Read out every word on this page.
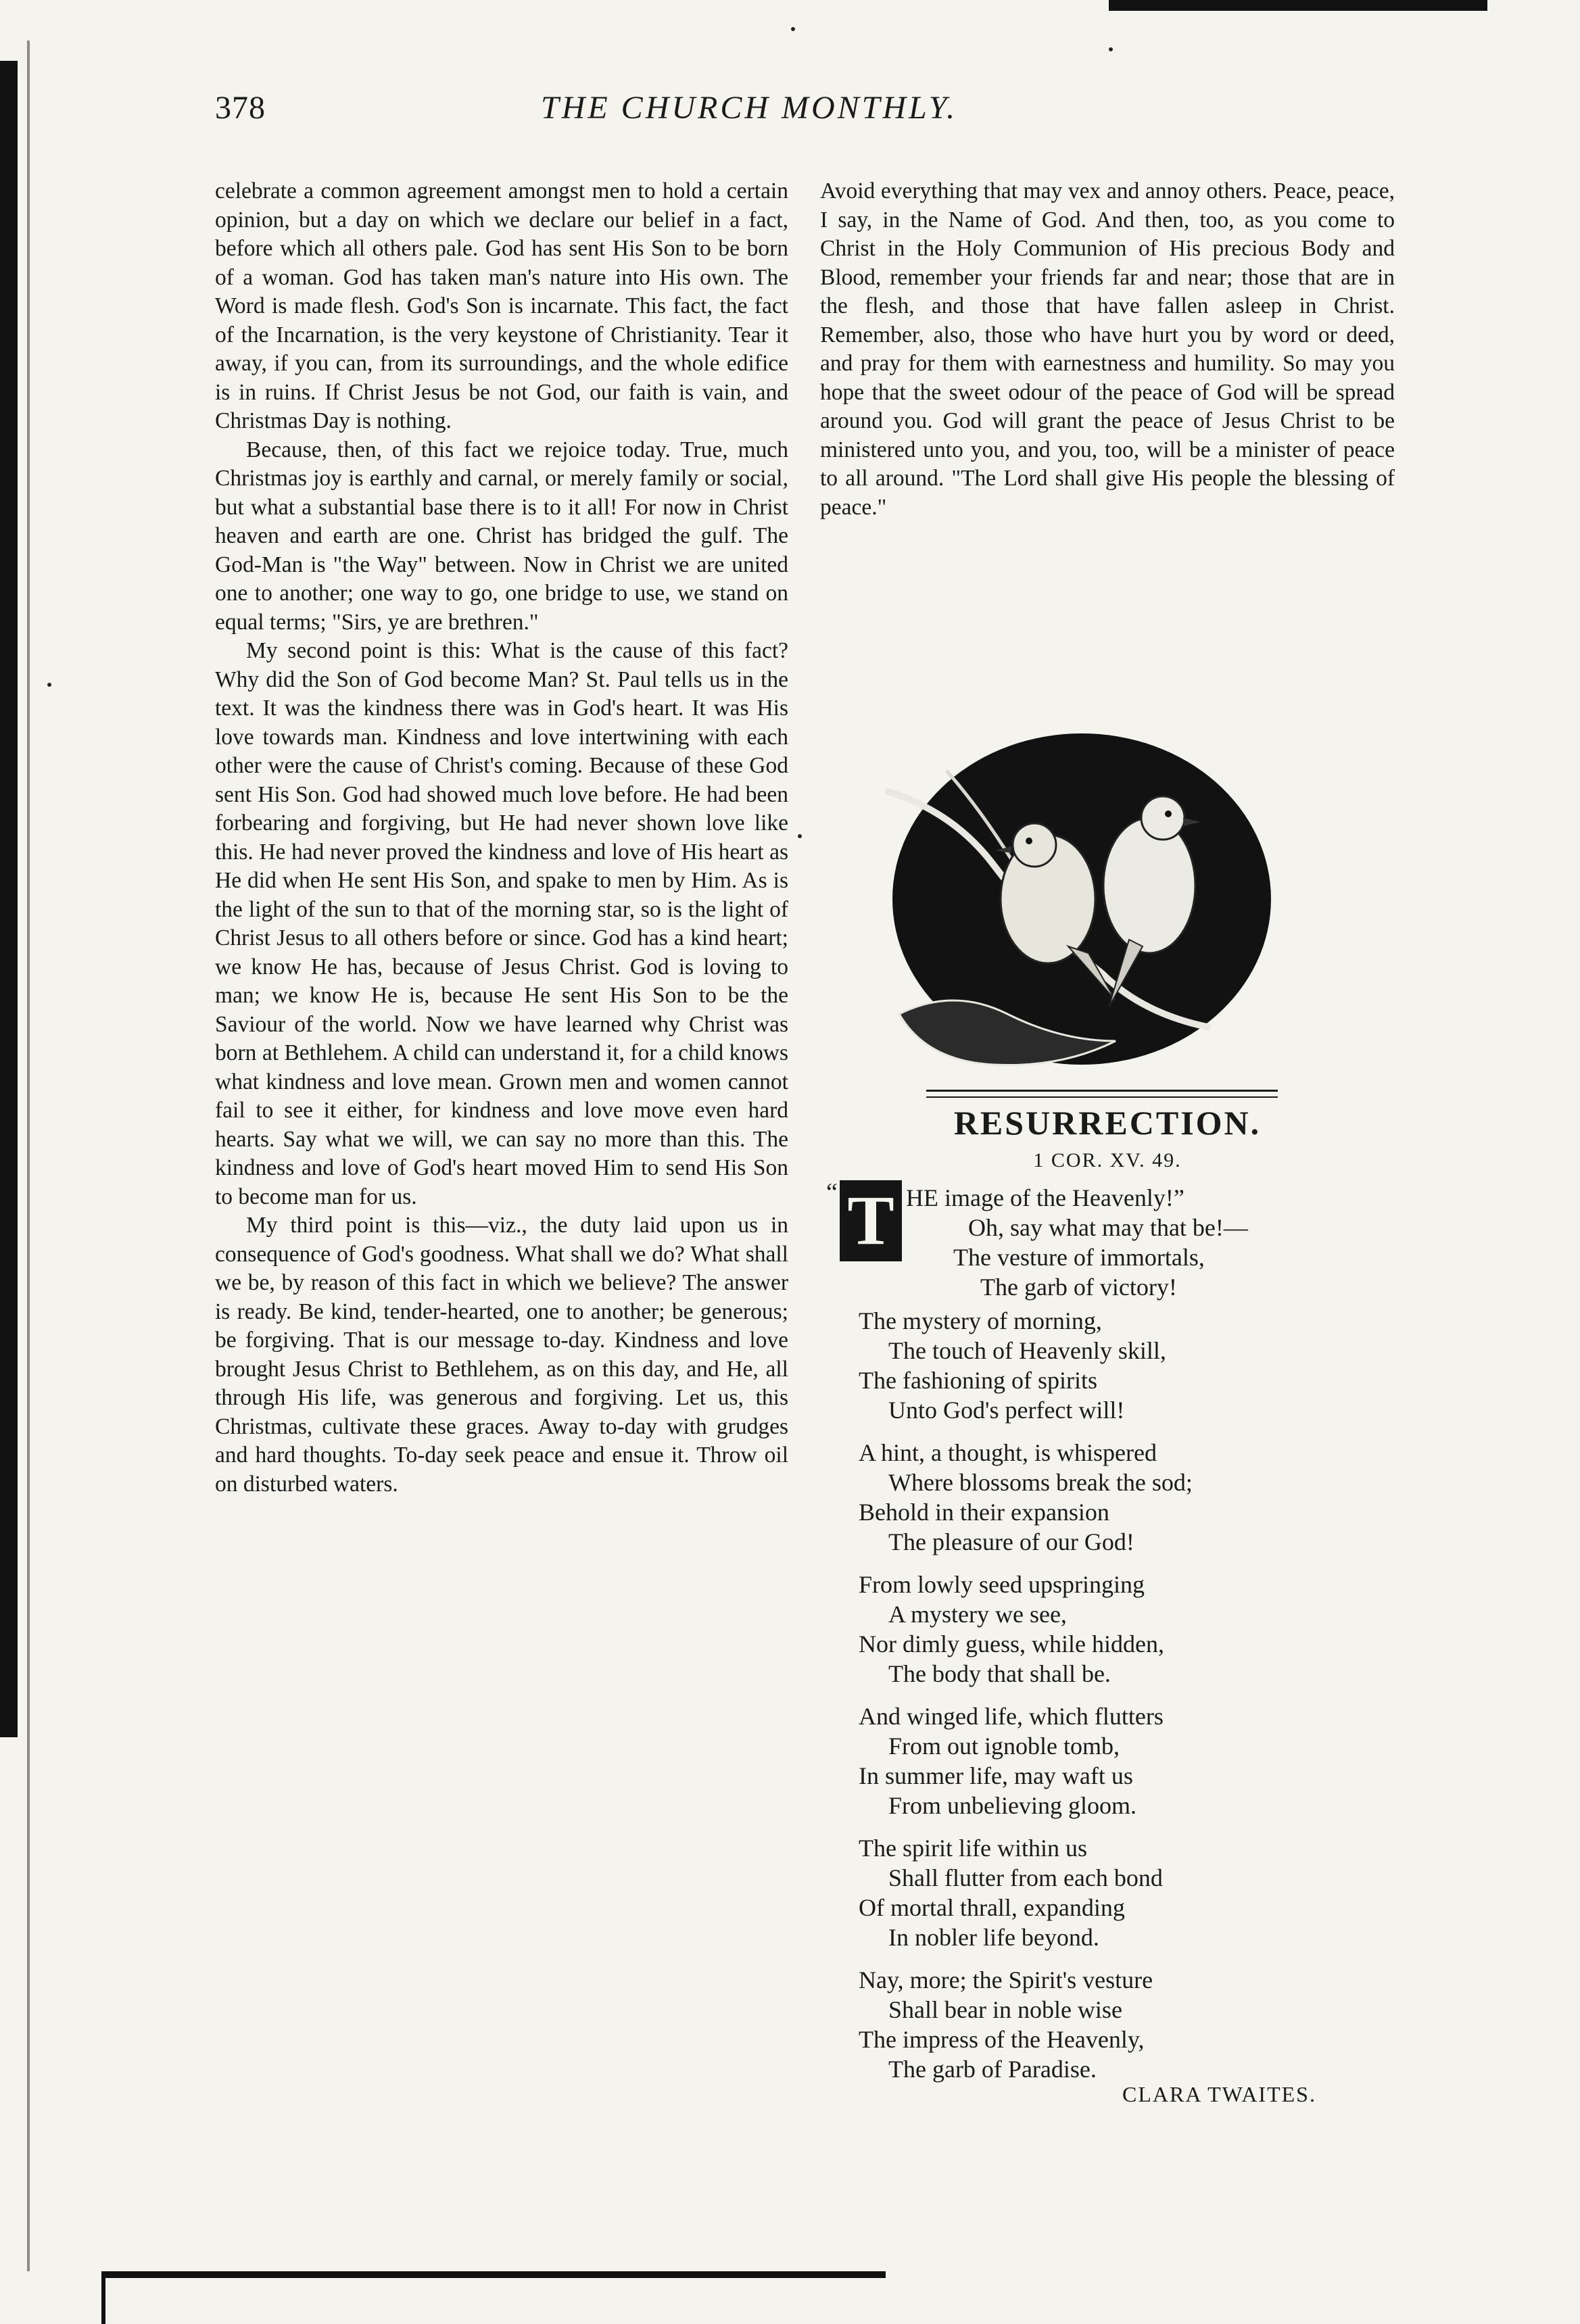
378	THE CHURCH MONTHLY.

celebrate a common agreement amongst men to hold a certain opinion, but a day on which we declare our belief in a fact, before which all others pale. God has sent His Son to be born of a woman. God has taken man's nature into His own. The Word is made flesh. God's Son is incarnate. This fact, the fact of the Incarnation, is the very keystone of Christianity. Tear it away, if you can, from its surroundings, and the whole edifice is in ruins. If Christ Jesus be not God, our faith is vain, and Christmas Day is nothing.

Because, then, of this fact we rejoice today. True, much Christmas joy is earthly and carnal, or merely family or social, but what a substantial base there is to it all! For now in Christ heaven and earth are one. Christ has bridged the gulf. The God-Man is "the Way" between. Now in Christ we are united one to another; one way to go, one bridge to use, we stand on equal terms; "Sirs, ye are brethren."

My second point is this: What is the cause of this fact? Why did the Son of God become Man? St. Paul tells us in the text. It was the kindness there was in God's heart. It was His love towards man. Kindness and love intertwining with each other were the cause of Christ's coming. Because of these God sent His Son. God had showed much love before. He had been forbearing and forgiving, but He had never shown love like this. He had never proved the kindness and love of His heart as He did when He sent His Son, and spake to men by Him. As is the light of the sun to that of the morning star, so is the light of Christ Jesus to all others before or since. God has a kind heart; we know He has, because of Jesus Christ. God is loving to man; we know He is, because He sent His Son to be the Saviour of the world. Now we have learned why Christ was born at Bethlehem. A child can understand it, for a child knows what kindness and love mean. Grown men and women cannot fail to see it either, for kindness and love move even hard hearts. Say what we will, we can say no more than this. The kindness and love of God's heart moved Him to send His Son to become man for us.

My third point is this—viz., the duty laid upon us in consequence of God's goodness. What shall we do? What shall we be, by reason of this fact in which we believe? The answer is ready. Be kind, tender-hearted, one to another; be generous; be forgiving. That is our message to-day. Kindness and love brought Jesus Christ to Bethlehem, as on this day, and He, all through His life, was generous and forgiving. Let us, this Christmas, cultivate these graces. Away to-day with grudges and hard thoughts. To-day seek peace and ensue it. Throw oil on disturbed waters.

Avoid everything that may vex and annoy others. Peace, peace, I say, in the Name of God. And then, too, as you come to Christ in the Holy Communion of His precious Body and Blood, remember your friends far and near; those that are in the flesh, and those that have fallen asleep in Christ. Remember, also, those who have hurt you by word or deed, and pray for them with earnestness and humility. So may you hope that the sweet odour of the peace of God will be spread around you. God will grant the peace of Jesus Christ to be ministered unto you, and you, too, will be a minister of peace to all around. "The Lord shall give His people the blessing of peace."

RESURRECTION.
1 COR. XV. 49.
“ T HE image of the Heavenly!”
Oh, say what may that be!—
The vesture of immortals,
The garb of victory!
The mystery of morning,
The touch of Heavenly skill,
The fashioning of spirits
Unto God's perfect will!
A hint, a thought, is whispered
Where blossoms break the sod;
Behold in their expansion
The pleasure of our God!
From lowly seed upspringing
A mystery we see,
Nor dimly guess, while hidden,
The body that shall be.
And winged life, which flutters
From out ignoble tomb,
In summer life, may waft us
From unbelieving gloom.
The spirit life within us
Shall flutter from each bond
Of mortal thrall, expanding
In nobler life beyond.
Nay, more; the Spirit's vesture
Shall bear in noble wise
The impress of the Heavenly,
The garb of Paradise.
CLARA TWAITES.
